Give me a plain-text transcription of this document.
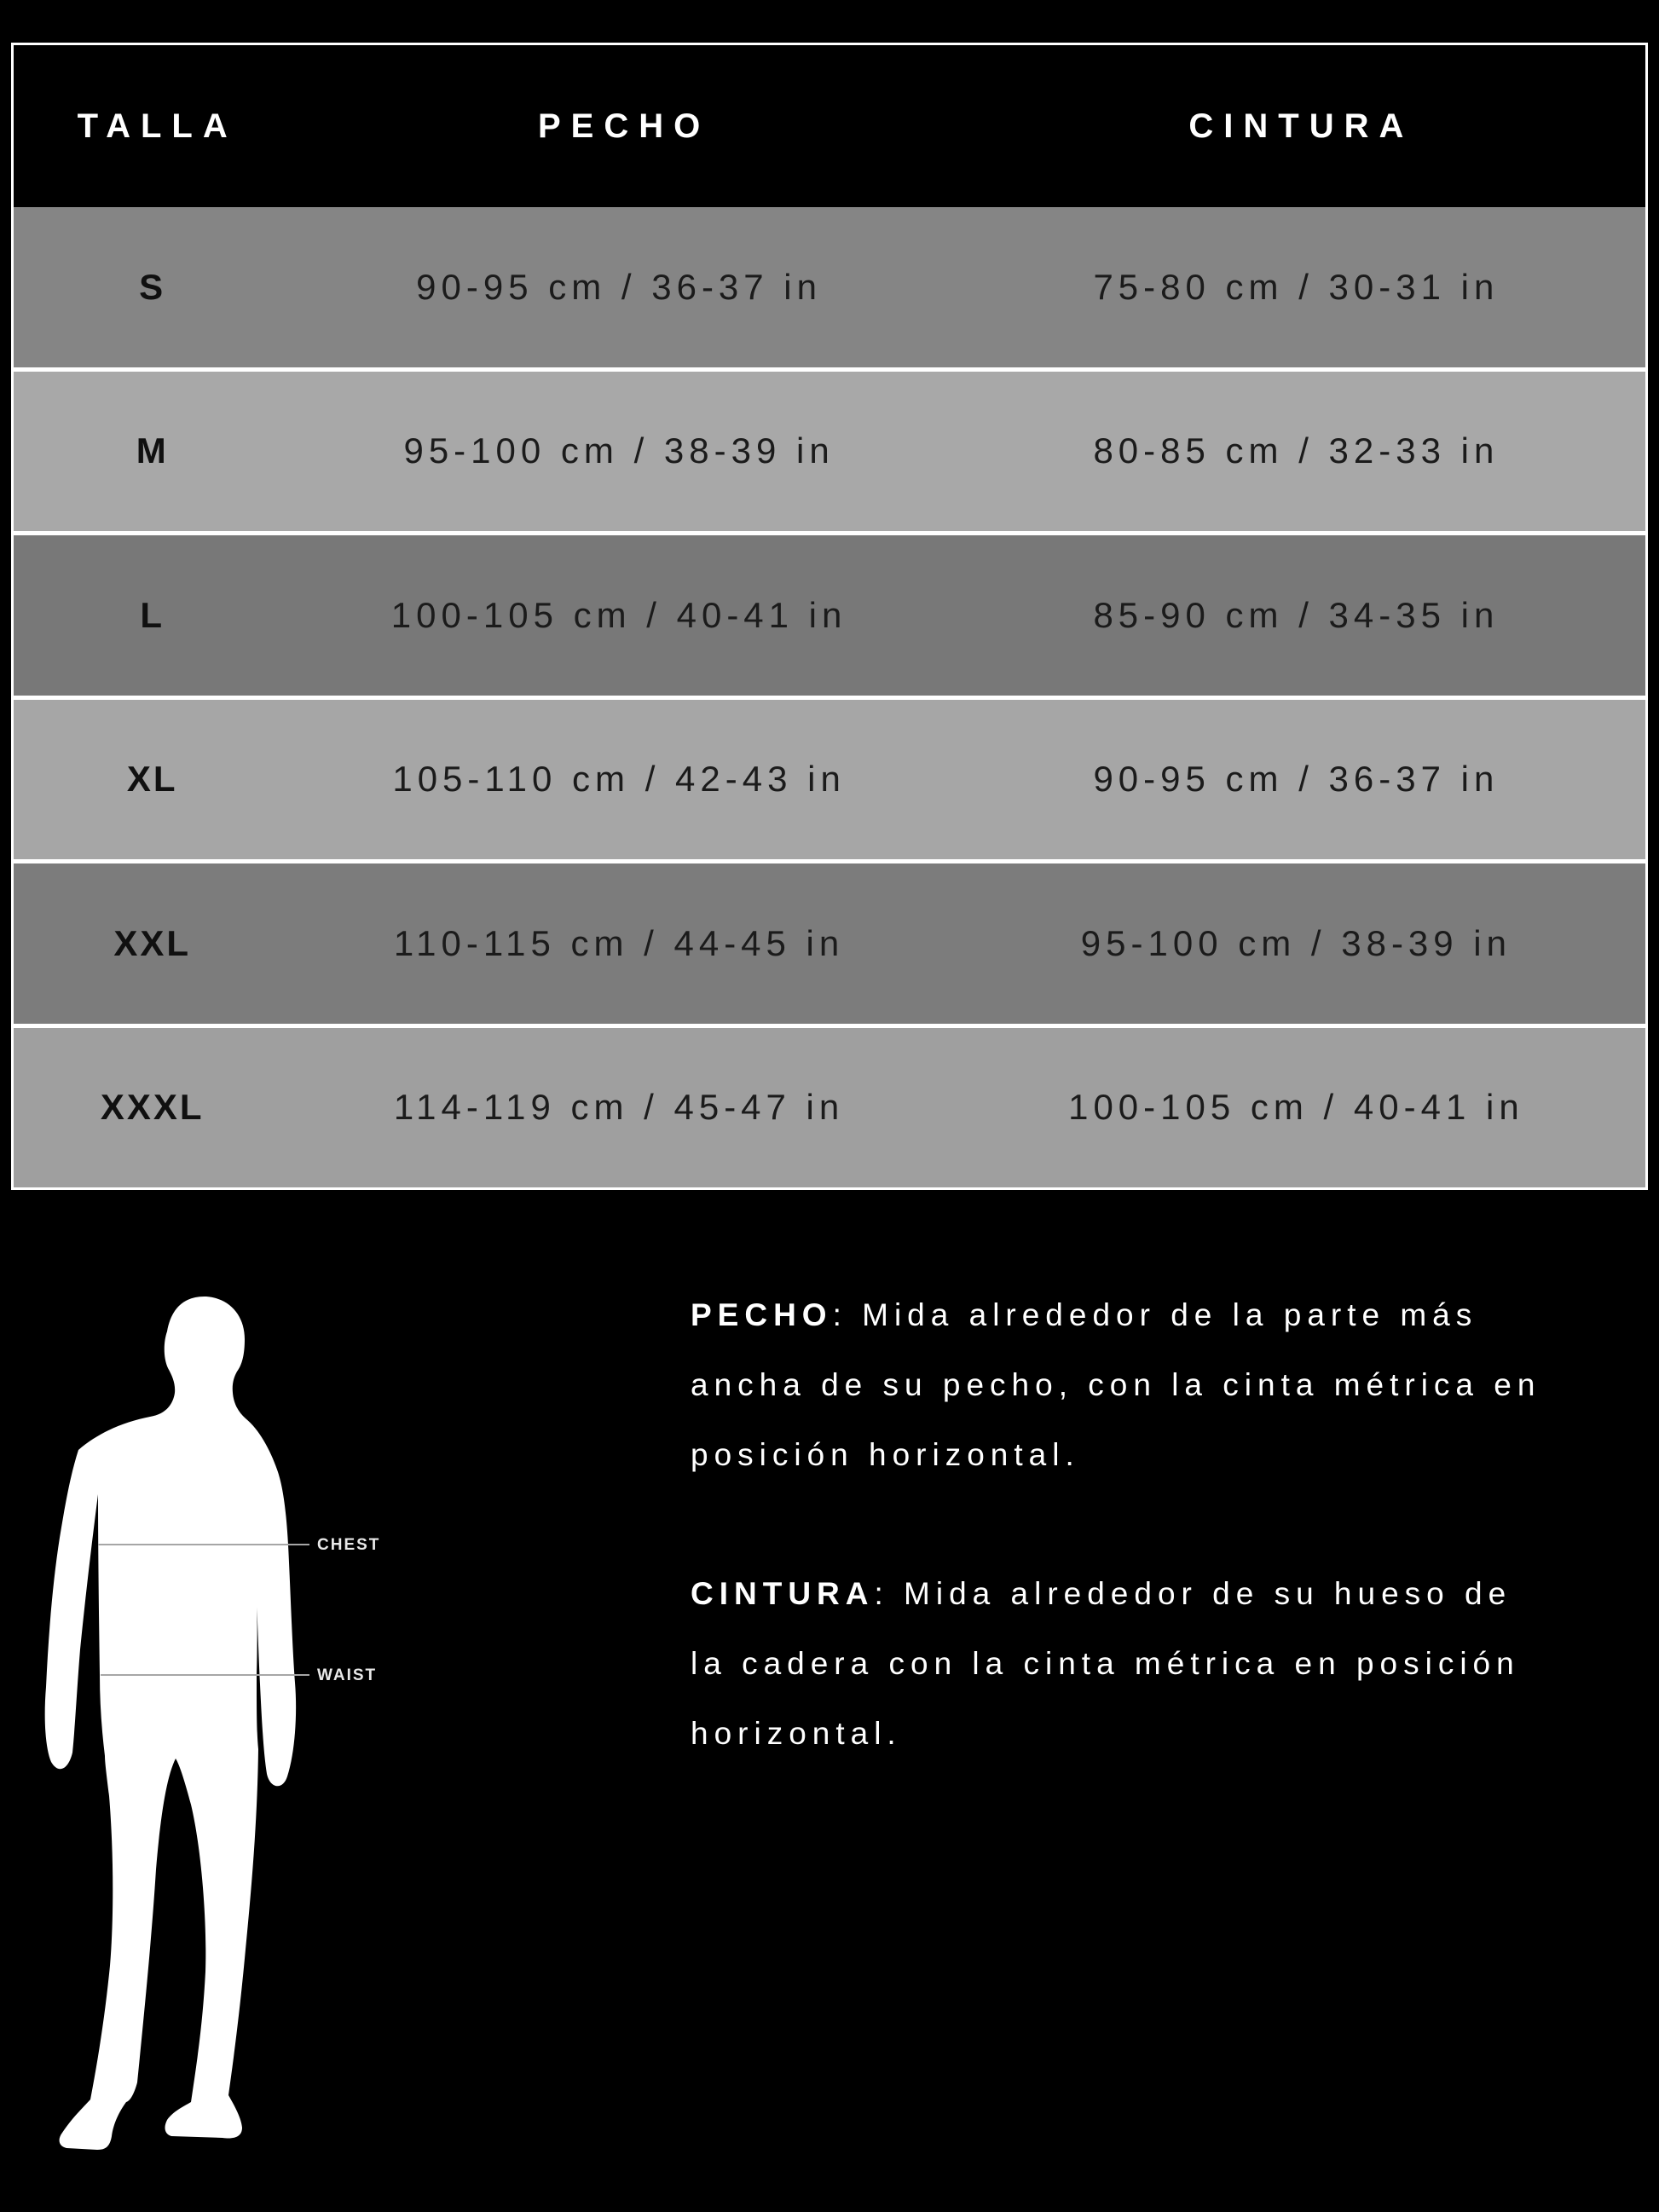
TALLA	PECHO	CINTURA
S	90-95 cm / 36-37 in	75-80 cm / 30-31 in
M	95-100 cm / 38-39 in	80-85 cm / 32-33 in
L	100-105 cm / 40-41 in	85-90 cm / 34-35 in
XL	105-110 cm / 42-43 in	90-95 cm / 36-37 in
XXL	110-115 cm / 44-45 in	95-100 cm / 38-39 in
XXXL	114-119 cm / 45-47 in	100-105 cm / 40-41 in
CHEST
WAIST
PECHO: Mida alrededor de la parte más
ancha de su pecho, con la cinta métrica en
posición horizontal.
CINTURA: Mida alrededor de su hueso de
la cadera con la cinta métrica en posición
horizontal.
